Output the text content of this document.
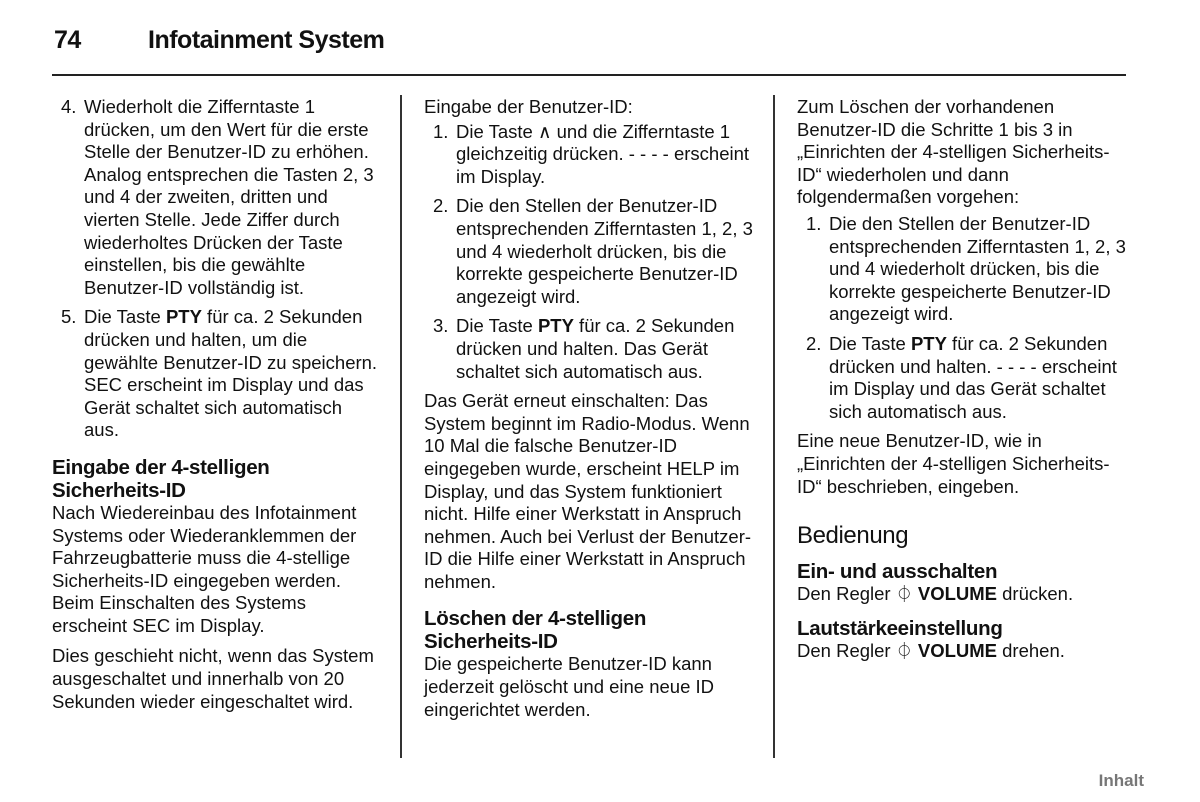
74	Infotainment System
4. Wiederholt die Zifferntaste 1 drücken, um den Wert für die erste Stelle der Benutzer-ID zu erhöhen. Analog entsprechen die Tasten 2, 3 und 4 der zweiten, dritten und vierten Stelle. Jede Ziffer durch wiederholtes Drücken der Taste einstellen, bis die gewählte Benutzer-ID vollständig ist.
5. Die Taste PTY für ca. 2 Sekunden drücken und halten, um die gewählte Benutzer-ID zu speichern. SEC erscheint im Display und das Gerät schaltet sich automatisch aus.
Eingabe der 4-stelligen Sicherheits-ID

Nach Wiedereinbau des Infotainment Systems oder Wiederanklemmen der Fahrzeugbatterie muss die 4-stellige Sicherheits-ID eingegeben werden. Beim Einschalten des Systems erscheint SEC im Display.

Dies geschieht nicht, wenn das System ausgeschaltet und innerhalb von 20 Sekunden wieder eingeschaltet wird.

Eingabe der Benutzer-ID:

1. Die Taste ∧ und die Zifferntaste 1 gleichzeitig drücken. - - - - erscheint im Display.
2. Die den Stellen der Benutzer-ID entsprechenden Zifferntasten 1, 2, 3 und 4 wiederholt drücken, bis die korrekte gespeicherte Benutzer-ID angezeigt wird.
3. Die Taste PTY für ca. 2 Sekunden drücken und halten. Das Gerät schaltet sich automatisch aus.

Das Gerät erneut einschalten: Das System beginnt im Radio-Modus. Wenn 10 Mal die falsche Benutzer-ID eingegeben wurde, erscheint HELP im Display, und das System funktioniert nicht. Hilfe einer Werkstatt in Anspruch nehmen. Auch bei Verlust der Benutzer-ID die Hilfe einer Werkstatt in Anspruch nehmen.

Löschen der 4-stelligen Sicherheits-ID

Die gespeicherte Benutzer-ID kann jederzeit gelöscht und eine neue ID eingerichtet werden.

Zum Löschen der vorhandenen Benutzer-ID die Schritte 1 bis 3 in „Einrichten der 4-stelligen Sicherheits-ID“ wiederholen und dann folgendermaßen vorgehen:

1. Die den Stellen der Benutzer-ID entsprechenden Zifferntasten 1, 2, 3 und 4 wiederholt drücken, bis die korrekte gespeicherte Benutzer-ID angezeigt wird.
2. Die Taste PTY für ca. 2 Sekunden drücken und halten. - - - - erscheint im Display und das Gerät schaltet sich automatisch aus.

Eine neue Benutzer-ID, wie in „Einrichten der 4-stelligen Sicherheits-ID“ beschrieben, eingeben.

Bedienung
Ein- und ausschalten

Den Regler ⏀ VOLUME drücken.

Lautstärkeeinstellung

Den Regler ⏀ VOLUME drehen.

Inhalt
